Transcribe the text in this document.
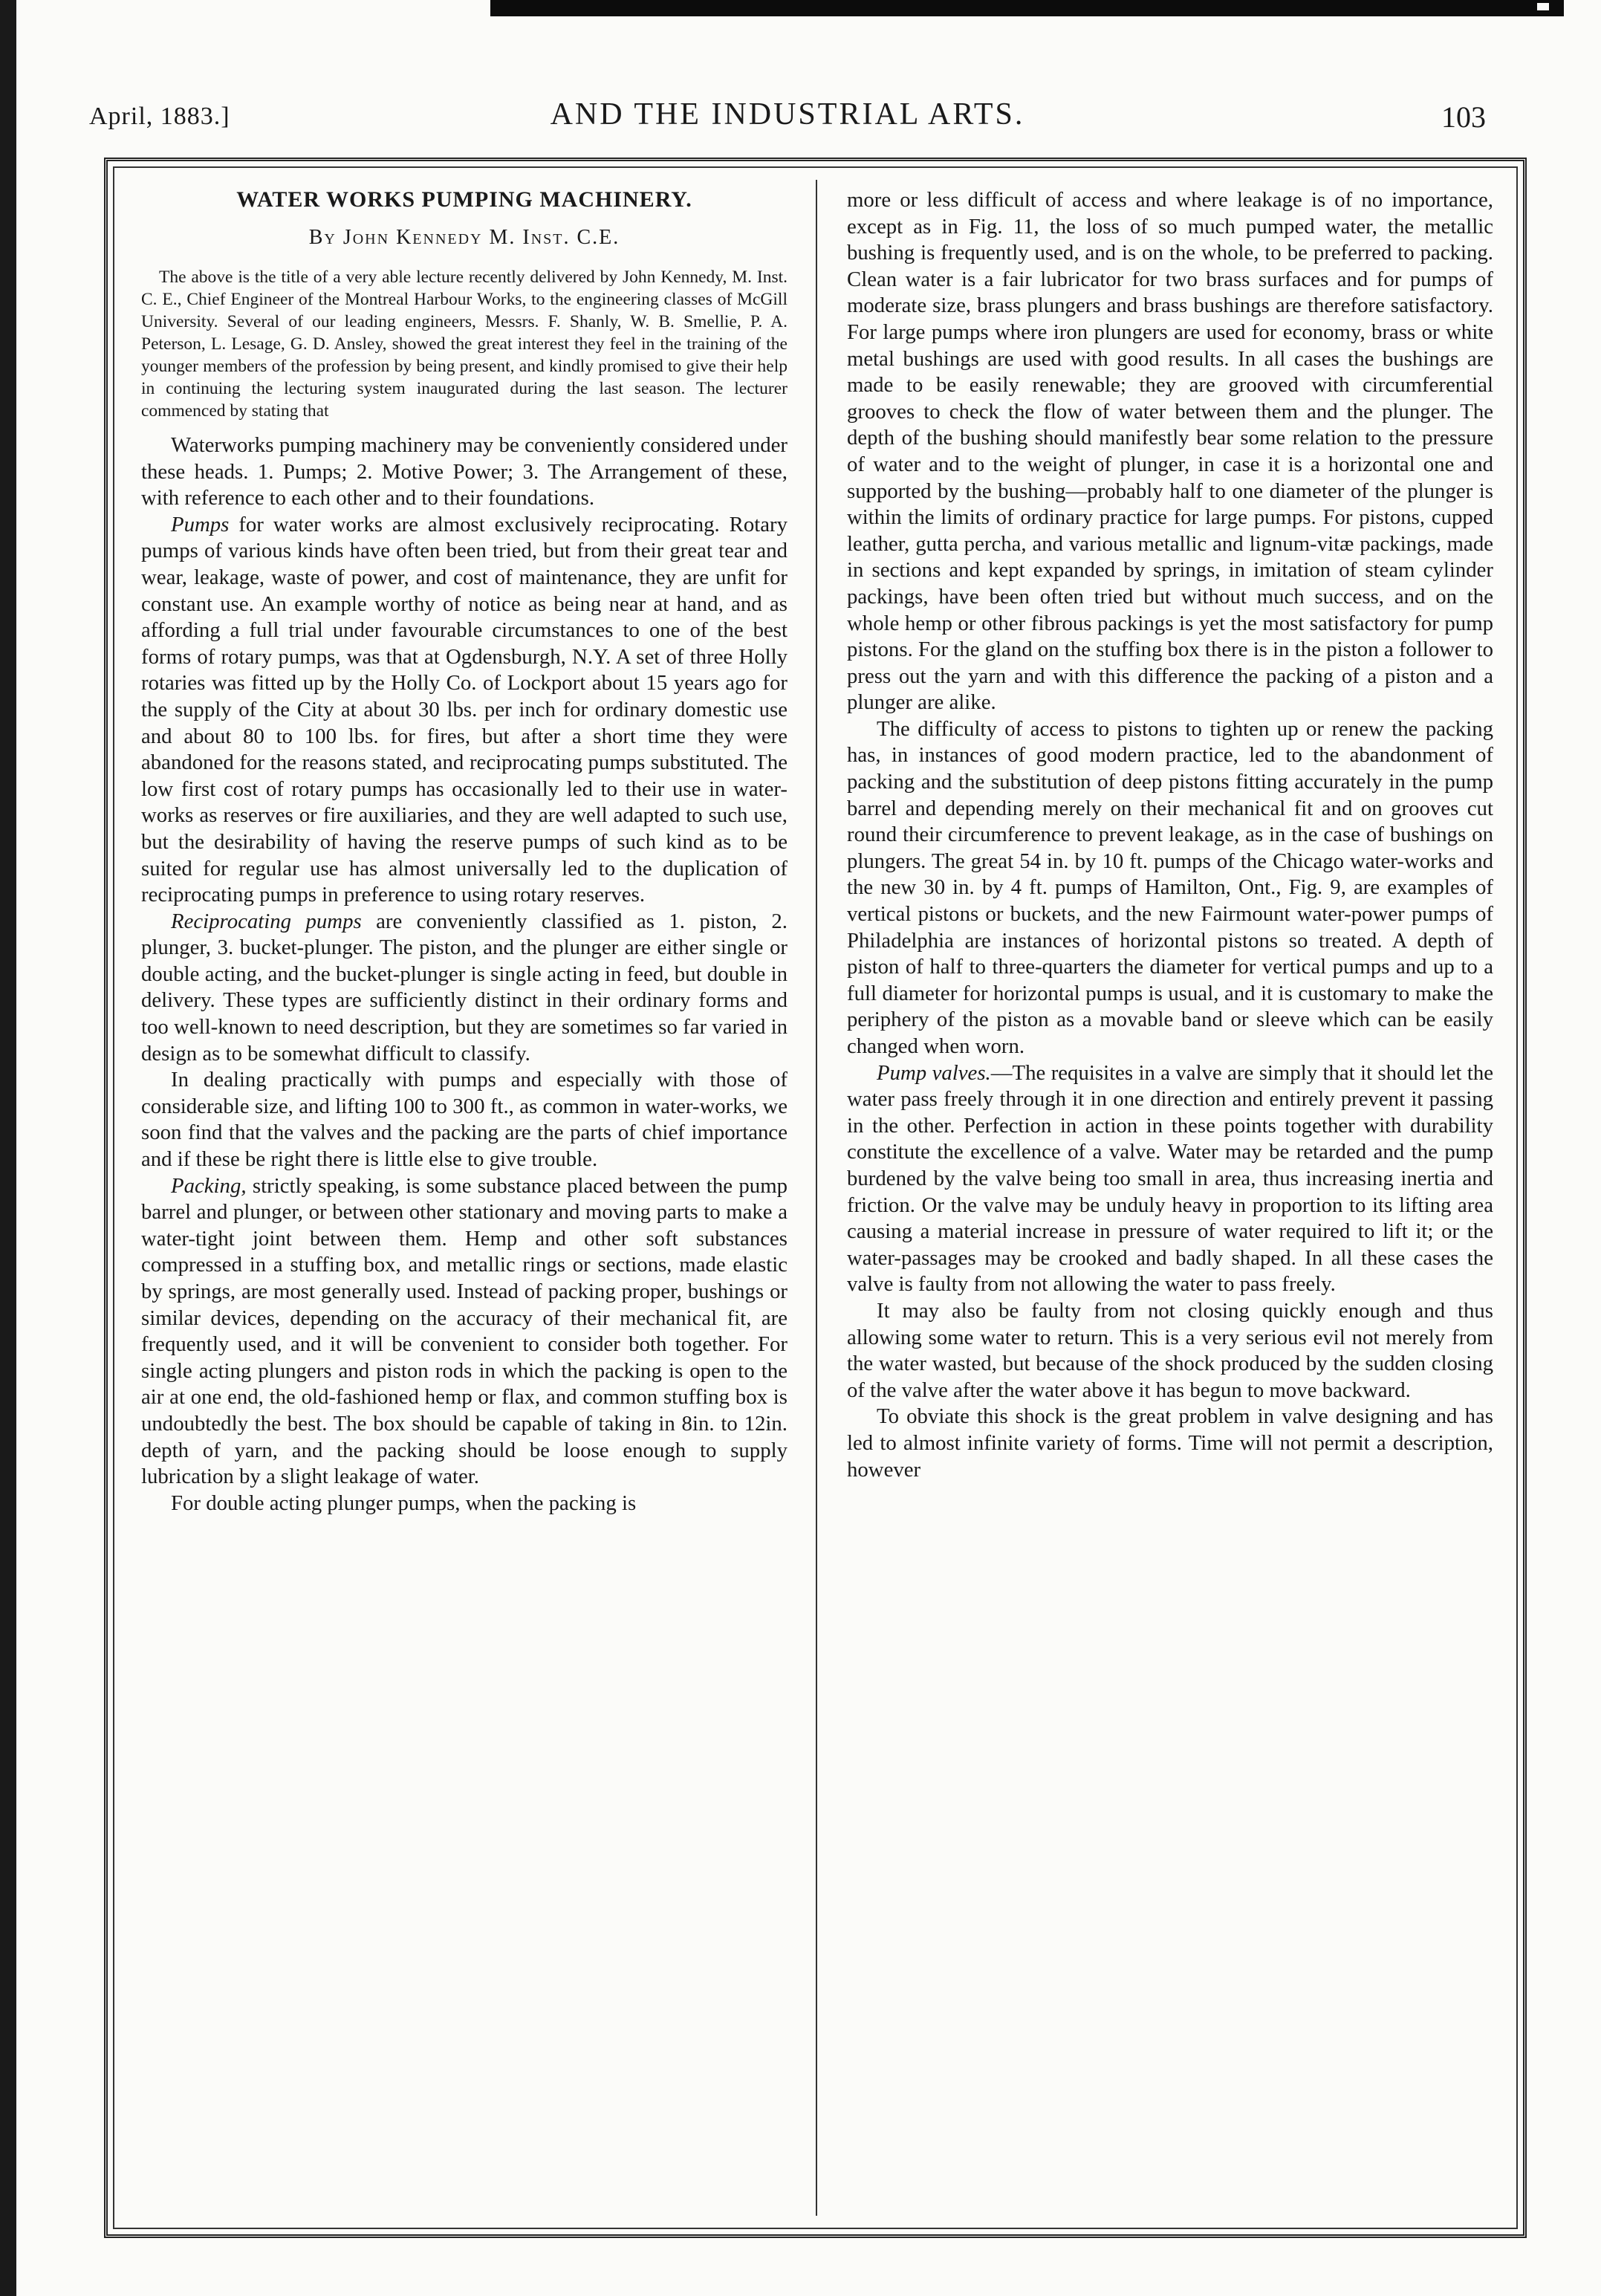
April, 1883.]	AND THE INDUSTRIAL ARTS.	103
WATER WORKS PUMPING MACHINERY.
By John Kennedy M. Inst. C.E.

The above is the title of a very able lecture recently delivered by John Kennedy, M. Inst. C. E., Chief Engineer of the Montreal Harbour Works, to the engineering classes of McGill University. Several of our leading engineers, Messrs. F. Shanly, W. B. Smellie, P. A. Peterson, L. Lesage, G. D. Ansley, showed the great interest they feel in the training of the younger members of the profession by being present, and kindly promised to give their help in continuing the lecturing system inaugurated during the last season. The lecturer commenced by stating that

Waterworks pumping machinery may be conveniently considered under these heads. 1. Pumps; 2. Motive Power; 3. The Arrangement of these, with reference to each other and to their foundations.

Pumps for water works are almost exclusively reciprocating. Rotary pumps of various kinds have often been tried, but from their great tear and wear, leakage, waste of power, and cost of maintenance, they are unfit for constant use. An example worthy of notice as being near at hand, and as affording a full trial under favourable circumstances to one of the best forms of rotary pumps, was that at Ogdensburgh, N.Y. A set of three Holly rotaries was fitted up by the Holly Co. of Lockport about 15 years ago for the supply of the City at about 30 lbs. per inch for ordinary domestic use and about 80 to 100 lbs. for fires, but after a short time they were abandoned for the reasons stated, and reciprocating pumps substituted. The low first cost of rotary pumps has occasionally led to their use in water-works as reserves or fire auxiliaries, and they are well adapted to such use, but the desirability of having the reserve pumps of such kind as to be suited for regular use has almost universally led to the duplication of reciprocating pumps in preference to using rotary reserves.

Reciprocating pumps are conveniently classified as 1. piston, 2. plunger, 3. bucket-plunger. The piston, and the plunger are either single or double acting, and the bucket-plunger is single acting in feed, but double in delivery. These types are sufficiently distinct in their ordinary forms and too well-known to need description, but they are sometimes so far varied in design as to be somewhat difficult to classify.

In dealing practically with pumps and especially with those of considerable size, and lifting 100 to 300 ft., as common in water-works, we soon find that the valves and the packing are the parts of chief importance and if these be right there is little else to give trouble.

Packing, strictly speaking, is some substance placed between the pump barrel and plunger, or between other stationary and moving parts to make a water-tight joint between them. Hemp and other soft substances compressed in a stuffing box, and metallic rings or sections, made elastic by springs, are most generally used. Instead of packing proper, bushings or similar devices, depending on the accuracy of their mechanical fit, are frequently used, and it will be convenient to consider both together. For single acting plungers and piston rods in which the packing is open to the air at one end, the old-fashioned hemp or flax, and common stuffing box is undoubtedly the best. The box should be capable of taking in 8in. to 12in. depth of yarn, and the packing should be loose enough to supply lubrication by a slight leakage of water.

For double acting plunger pumps, when the packing is

more or less difficult of access and where leakage is of no importance, except as in Fig. 11, the loss of so much pumped water, the metallic bushing is frequently used, and is on the whole, to be preferred to packing. Clean water is a fair lubricator for two brass surfaces and for pumps of moderate size, brass plungers and brass bushings are therefore satisfactory. For large pumps where iron plungers are used for economy, brass or white metal bushings are used with good results. In all cases the bushings are made to be easily renewable; they are grooved with circumferential grooves to check the flow of water between them and the plunger. The depth of the bushing should manifestly bear some relation to the pressure of water and to the weight of plunger, in case it is a horizontal one and supported by the bushing—probably half to one diameter of the plunger is within the limits of ordinary practice for large pumps. For pistons, cupped leather, gutta percha, and various metallic and lignum-vitæ packings, made in sections and kept expanded by springs, in imitation of steam cylinder packings, have been often tried but without much success, and on the whole hemp or other fibrous packings is yet the most satisfactory for pump pistons. For the gland on the stuffing box there is in the piston a follower to press out the yarn and with this difference the packing of a piston and a plunger are alike.

The difficulty of access to pistons to tighten up or renew the packing has, in instances of good modern practice, led to the abandonment of packing and the substitution of deep pistons fitting accurately in the pump barrel and depending merely on their mechanical fit and on grooves cut round their circumference to prevent leakage, as in the case of bushings on plungers. The great 54 in. by 10 ft. pumps of the Chicago water-works and the new 30 in. by 4 ft. pumps of Hamilton, Ont., Fig. 9, are examples of vertical pistons or buckets, and the new Fairmount water-power pumps of Philadelphia are instances of horizontal pistons so treated. A depth of piston of half to three-quarters the diameter for vertical pumps and up to a full diameter for horizontal pumps is usual, and it is customary to make the periphery of the piston as a movable band or sleeve which can be easily changed when worn.

Pump valves.—The requisites in a valve are simply that it should let the water pass freely through it in one direction and entirely prevent it passing in the other. Perfection in action in these points together with durability constitute the excellence of a valve. Water may be retarded and the pump burdened by the valve being too small in area, thus increasing inertia and friction. Or the valve may be unduly heavy in proportion to its lifting area causing a material increase in pressure of water required to lift it; or the water-passages may be crooked and badly shaped. In all these cases the valve is faulty from not allowing the water to pass freely.

It may also be faulty from not closing quickly enough and thus allowing some water to return. This is a very serious evil not merely from the water wasted, but because of the shock produced by the sudden closing of the valve after the water above it has begun to move backward.

To obviate this shock is the great problem in valve designing and has led to almost infinite variety of forms. Time will not permit a description, however
